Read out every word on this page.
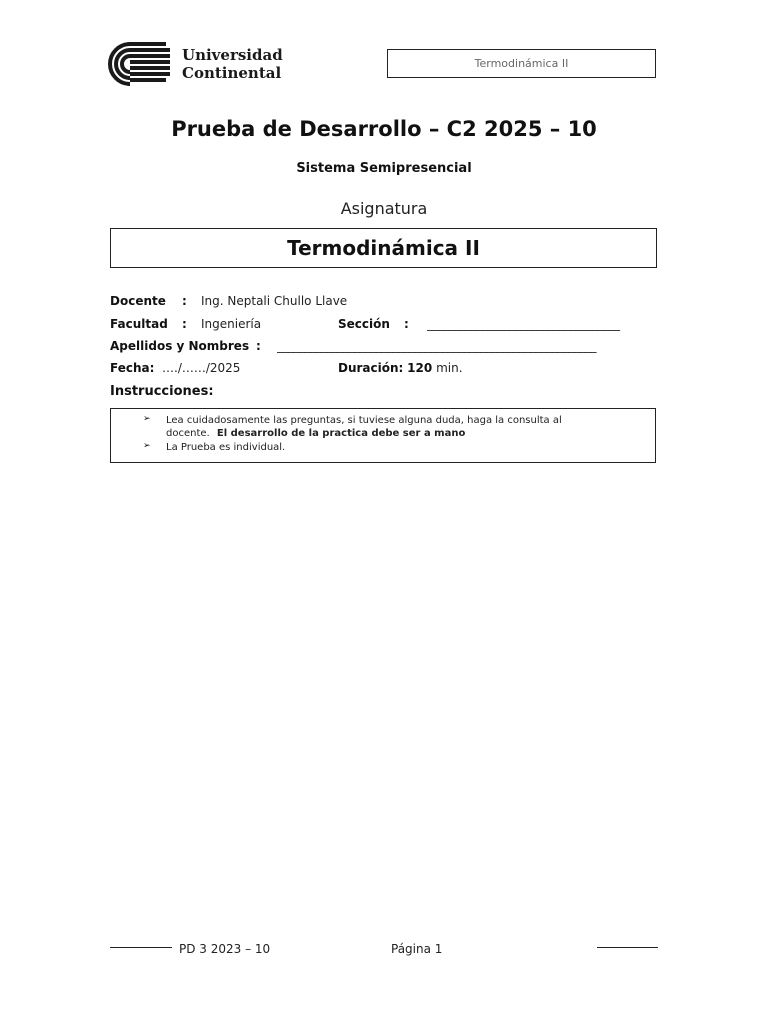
Universidad
Continental
Termodinámica II
Prueba de Desarrollo – C2 2025 – 10
Sistema Semipresencial
Asignatura
Termodinámica II
Docente : Ing. Neptali Chullo Llave
Facultad : Ingeniería	Sección : ___________________________________
Apellidos y Nombres : __________________________________________________________
Fecha: …./……/2025	Duración: 120 min.
Instrucciones:
➢ Lea cuidadosamente las preguntas, si tuviese alguna duda, haga la consulta al
docente. El desarrollo de la practica debe ser a mano
➢ La Prueba es individual.
PD 3 2023 – 10	Página 1
